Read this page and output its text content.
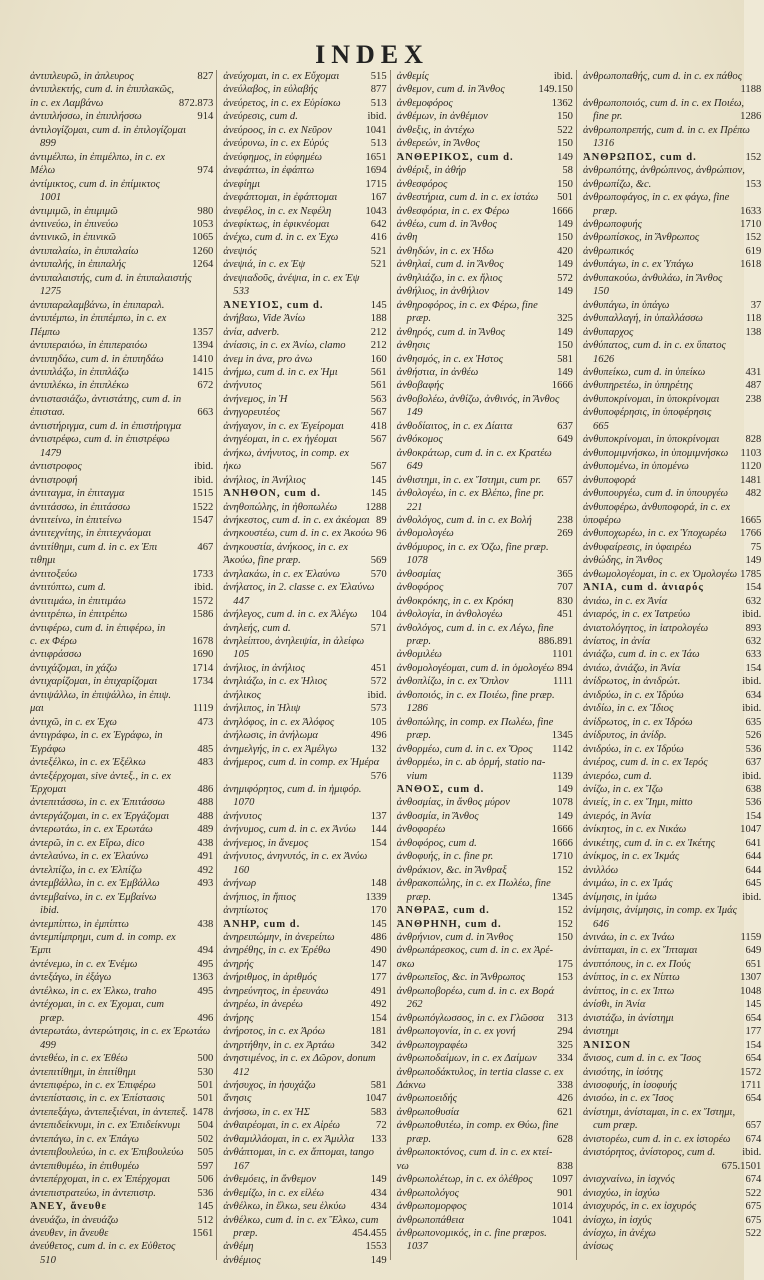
INDEX
ἀντιπλευρῶ, in ἀπλευρος	827
ἀντιπλεκτής, cum d. in ἐπιπλακῶς,
in c. ex Λαμβάνω	872.873
ἀντιπλήσσω, in ἐπιπλήσσω	914
ἀντιλογίζομαι, cum d. in ἐπιλογίζομαι
899
ἀντιμέλπω, in ἐπιμέλπω, in c. ex
Μέλω	974
ἀντίμικτος, cum d. in ἐπίμικτος
1001
ἀντιμιμῶ, in ἐπιμιμῶ	980
ἀντινεύω, in ἐπινεύω	1053
ἀντινικῶ, in ἐπινικῶ	1065
ἀντιπαλαίω, in ἐπιπαλαίω	1260
ἀντιπαλής, in ἐπιπαλής	1264
ἀντιπαλαιστής, cum d. in ἐπιπαλαιστής
1275
ἀντιπαραλαμβάνω, in ἐπιπαραλ.
ἀντιπέμπω, in ἐπιπέμπω, in c. ex
Πέμπω	1357
ἀντιπεραιόω, in ἐπιπεραιόω	1394
ἀντιπηδάω, cum d. in ἐπιπηδάω	1410
ἀντιπλάζω, in ἐπιπλάζω	1415
ἀντιπλέκω, in ἐπιπλέκω	672
ἀντιστασιάζω, ἀντιστάτης, cum d. in
ἐπιστασ.	663
ἀντιστήριγμα, cum d. in ἐπιστήριγμα
ἀντιστρέφω, cum d. in ἐπιστρέφω
1479
ἀντιστροφος	ibid.
ἀντιστροφή	ibid.
ἀντιταγμα, in ἐπιταγμα	1515
ἀντιτάσσω, in ἐπιτάσσω	1522
ἀντιτείνω, in ἐπιτείνω	1547
ἀντιτεχνίτης, in ἐπιτεχνάομαι
ἀντιτίθημι, cum d. in c. ex Ἐπι	467
τιθημι
ἀντιτοξεύω	1733
ἀντιτύπτω, cum d.	ibid.
ἀντιτιμάω, in ἐπιτιμάω	1572
ἀντιτρέπω, in ἐπιτρέπω	1586
ἀντιφέρω, cum d. in ἐπιφέρω, in
c. ex Φέρω	1678
ἀντιφράσσω	1690
ἀντιχάζομαι, in χάζω	1714
ἀντιχαρίζομαι, in ἐπιχαρίζομαι	1734
ἀντιψάλλω, in ἐπιψάλλω, in ἐπιψ.
μαι	1119
ἀντιχῶ, in c. ex Ἐχω	473
ἀντιγράφω, in c. ex Ἐγράφω, in
Ἐγράφω	485
ἀντεξέλκω, in c. ex Ἐξέλκω	483
ἀντεξέρχομαι, sive ἀντεξ., in c. ex
Ἐρχομαι	486
ἀντεπιτάσσω, in c. ex Ἐπιτάσσω	488
ἀντεργάζομαι, in c. ex Ἐργάζομαι	488
ἀντερωτάω, in c. ex Ἐρωτάω	489
ἀντερῶ, in c. ex Εἴρω, dico	438
ἀντελαύνω, in c. ex Ἐλαύνω	491
ἀντελπίζω, in c. ex Ἐλπίζω	492
ἀντεμβάλλω, in c. ex Ἐμβάλλω	493
ἀντεμβαίνω, in c. ex Ἐμβαίνω
ibid.
ἀντεμπίπτω, in ἐμπίπτω	438
ἀντεμπίμπρημι, cum d. in comp. ex
Ἐμπι	494
ἀντένεμω, in c. ex Ἐνέμω	495
ἀντεξάγω, in ἐξάγω	1363
ἀντέλκω, in c. ex Ἐλκω, traho	495
ἀντέχομαι, in c. ex Ἐχομαι, cum
præp.	496
ἀντερωτάω, ἀντερώτησις, in c. ex Ἐρωτάω
499
ἀντεθέω, in c. ex Ἐθέω	500
ἀντεπιτίθημι, in ἐπιτίθημι	530
ἀντεπιφέρω, in c. ex Ἐπιφέρω	501
ἀντεπίστασις, in c. ex Ἐπίστασις	501
ἀντεπεξάγω, ἀντεπεξιέναι, in ἀντεπεξ. 1478
ἀντεπιδείκνυμι, in c. ex Ἐπιδείκνυμι 504
ἀντεπάγω, in c. ex Ἐπάγω	502
ἀντεπιβουλεύω, in c. ex Ἐπιβουλεύω 505
ἀντεπιθυμέω, in ἐπιθυμέω	597
ἀντεπέρχομαι, in c. ex Ἐπέρχομαι	506
ἀντεπιστρατεύω, in ἀντεπιστρ.	536
ἈΝΕΥ, ἄνευθε	145
ἀνευάζω, in ἀνευάζω	512
ἀνευθεν, in ἄνευθε	1561
ἀνεύθετος, cum d. in c. ex Εὐθετος
510
ἀνεύχομαι, in c. ex Εὔχομαι	515
ἀνεύλαβος, in εὐλαβής	877
ἀνεύρετος, in c. ex Εὑρίσκω	513
ἀνεύρεσις, cum d.	ibid.
ἀνεύροος, in c. ex Νεῦρον	1041
ἀνεύρυνω, in c. ex Εὐρύς	513
ἀνεύφημος, in εὐφημέω	1651
ἀνεφάπτω, in ἐφάπτω	1694
ἀνεφίημι	1715
ἀνεφάπτομαι, in ἐφάπτομαι	167
ἀνεφέλος, in c. ex Νεφέλη	1043
ἀνεφίκτως, in ἐφικνέομαι	642
ἀνέχω, cum d. in c. ex Ἐχω	416
ἀνεψιός	521
ἀνεψιά, in c. ex Ἐψ	521
ἀνεψιαδοῦς, ἀνέψια, in c. ex Ἐψ
533
ἈΝΕΥΙΟΣ, cum d.	145
ἀνήβαω, Vide Ἀνίω	188
ἀνία, adverb.	212
ἀνίασις, in c. ex Ἀνίω, clamo 212
ἀνεμ in ἀνα, pro ἀνω	160
ἀνήμω, cum d. in c. ex Ἡμι	561
ἀνήνυτος	561
ἀνήνεμος, in Ἡ	563
ἀνηγορευτέος	567
ἀνήγαγον, in c. ex Ἐγείρομαι	418
ἀνηγέομαι, in c. ex ἡγέομαι	567
ἀνήκω, ἀνήνυτος, in comp. ex
ἡκω	567
ἀνήλιος, in Ἀνήλιος	145
ἈΝΗΘΟΝ, cum d.	145
ἀνηθοπώλης, in ἠθοπωλέω	1288
ἀνήκεστος, cum d. in c. ex ἀκέομαι 89
ἀνηκουστέω, cum d. in c. ex Ἀκούω 96
ἀνηκουστία, ἀνήκοος, in c. ex
Ἀκούω, fine præp.	569
ἀνηλακάω, in c. ex Ἐλαύνω	570
ἀνήλατος, in 2. classe c. ex Ἐλαύνω
447
ἀνήλεγος, cum d. in c. ex Ἀλέγω 104
ἀνηλεής, cum d.	571
ἀνηλείπτου, ἀνηλειψία, in ἀλείφω
105
ἀνήλιος, in ἀνήλιος	451
ἀνηλιάζω, in c. ex Ἡλιος	572
ἀνήλικος	ibid.
ἀνήλιπος, in Ἡλιψ	573
ἀνηλόφος, in c. ex Ἀλόφος	105
ἀνήλωσις, in ἀνήλωμα	496
ἀνημελγής, in c. ex Ἀμέλγω	132
ἀνήμερος, cum d. in comp. ex Ἡμέρα
576
ἀνημιφόρητος, cum d. in ἡμιφόρ.
1070
ἀνήνυτος	137
ἀνήνυμος, cum d. in c. ex Ἀνύω 144
ἀνήνεμος, in ἄνεμος	154
ἀνήνυτος, ἀνηνυτός, in c. ex Ἀνύω
160
ἀνήνωρ	148
ἀνήπιος, in ἤπιος	1339
ἀνηπίωτος	170
ἈΝΗΡ, cum d.	145
ἀνηρειπώμην, in ἀνερείπω	486
ἀνηρέθης, in c. ex Ἐρέθω	490
ἀνηρής	147
ἀνήριθμος, in ἀριθμός	177
ἀνηρεύνητος, in ἐρευνάω	491
ἀνηρέω, in ἀνερέω	492
ἀνήρης	154
ἀνήροτος, in c. ex Ἀρόω	181
ἀνηρτήθην, in c. ex Ἀρτάω	342
ἀνηστιμένος, in c. ex Δῶρον, donum
412
ἀνήσυχος, in ἡσυχάζω	581
ἄνησις	1047
ἀνήσσω, in c. ex ἩΣ	583
ἀνθαιρέομαι, in c. ex Αἱρέω	72
ἀνθαμιλλάομαι, in c. ex Ἁμιλλα 133
ἀνθάπτομαι, in c. ex ἅπτομαι, tango
167
ἀνθεμόεις, in ἄνθεμον	149
ἀνθεμίζω, in c. ex εἰλέω	434
ἀνθέλκω, in ἕλκω, seu ἑλκύω 434
ἀνθέλκω, cum d. in c. ex Ἕλκω, cum
præp.	454.455
ἀνθέμη	1553
ἀνθέμιος	149
ἀνθεμίς	ibid.
ἀνθεμον, cum d. in Ἄνθος	149.150
ἀνθεμοφόρος	1362
ἀνθέμων, in ἀνθέμιον	150
ἀνθεξις, in ἀντέχω	522
ἀνθερεών, in Ἄνθος	150
ἈΝΘΕΡΙΚΟΣ, cum d.	149
ἀνθέριξ, in ἀθήρ	58
ἀνθεσφόρος	150
ἀνθεστήρια, cum d. in c. ex ἱστάω 501
ἀνθεσφόρια, in c. ex Φέρω	1666
ἀνθέω, cum d. in Ἄνθος	149
ἀνθη	150
ἀνθηδών, in c. ex Ἡδω	420
ἀνθηλαί, cum d. in Ἄνθος	149
ἀνθηλιάζω, in c. ex ἥλιος	572
ἀνθήλιος, in ἀνθήλιον	149
ἀνθηροφόρος, in c. ex Φέρω, fine
præp.	325
ἀνθηρός, cum d. in Ἄνθος	149
ἀνθησις	150
ἀνθησμός, in c. ex Ἡστος	581
ἀνθήστια, in ἀνθέω	149
ἀνθοβαφής	1666
ἀνθοβολέω, ἀνθίζω, ἀνθινός, in Ἄνθος
149
ἀνθοδίαιτος, in c. ex Δίαιτα	637
ἀνθόκομος	649
ἀνθοκράτωρ, cum d. in c. ex Κρατέω
649
ἀνθιστημι, in c. ex Ἵστημι, cum pr. 657
ἀνθολογέω, in c. ex Βλέπω, fine pr.
221
ἀνθολόγος, cum d. in c. ex Βολή 238
ἀνθομολογέω	269
ἀνθόμυρος, in c. ex Ὀζω, fine præp.
1078
ἀνθοσμίας	365
ἀνθοφόρος	707
ἀνθοκρόκης, in c. ex Κρόκη	830
ἀνθολογία, in ἀνθολογέω	451
ἀνθολόγος, cum d. in c. ex Λέγω, fine
præp.	886.891
ἀνθομιλέω	1101
ἀνθομολογέομαι, cum d. in ὁμολογέω 894
ἀνθοπλίζω, in c. ex Ὅπλον	1111
ἀνθοποιός, in c. ex Ποιέω, fine præp.
1286
ἀνθοπώλης, in comp. ex Πωλέω, fine
præp.	1345
ἀνθορμέω, cum d. in c. ex Ὄρος 1142
ἀνθορμέω, in c. ab ὁρμή, statio na-
vium	1139
ἈΝΘΟΣ, cum d.	149
ἀνθοσμίας, in ἄνθος μύρον	1078
ἀνθοσμία, in Ἄνθος	149
ἀνθοφορέω	1666
ἀνθοφόρος, cum d.	1666
ἀνθοφυής, in c. fine pr.	1710
ἀνθράκιον, &c. in Ἄνθραξ	152
ἀνθρακοπώλης, in c. ex Πωλέω, fine
præp.	1345
ἈΝΘΡΑΞ, cum d.	152
ἈΝΘΡΗΝΗ, cum d.	152
ἀνθρήνιον, cum d. in Ἄνθος	150
ἀνθρωπάρεσκος, cum d. in c. ex Ἀρέ-
σκω	175
ἀνθρωπεῖος, &c. in Ἄνθρωπος	153
ἀνθρωποβορέω, cum d. in c. ex Βορά
262
ἀνθρωπόγλωσσος, in c. ex Γλῶσσα 313
ἀνθρωπογονία, in c. ex γονή	294
ἀνθρωπογραφέω	325
ἀνθρωποδαίμων, in c. ex Δαίμων 334
ἀνθρωποδάκτυλος, in tertia classe c. ex
Δάκνω	338
ἀνθρωποειδής	426
ἀνθρωποθυσία	621
ἀνθρωποθυτέω, in comp. ex Θύω, fine
præp.	628
ἀνθρωποκτόνος, cum d. in c. ex κτεί-
νω	838
ἀνθρωπολέτωρ, in c. ex ὀλέθρος 1097
ἀνθρωπολόγος	901
ἀνθρωπομορφος	1014
ἀνθρωποπάθεια	1041
ἀνθρωπονομικός, in c. fine præpos.
1037
ἀνθρωποπαθής, cum d. in c. ex πάθος
1188
ἀνθρωποποιός, cum d. in c. ex Ποιέω,
fine pr.	1286
ἀνθρωποπρεπής, cum d. in c. ex Πρέπω
1316
ἈΝΘΡΩΠΟΣ, cum d.	152
ἀνθρωπότης, ἀνθρώπινος, ἀνθρώπιον,
ἀνθρωπίζω, &c.	153
ἀνθρωποφάγος, in c. ex φάγω, fine
præp.	1633
ἀνθρωποφυής	1710
ἀνθρωπίσκος, in Ἄνθρωπος	152
ἀνθρωπικός	619
ἀνθυπάγω, in c. ex Ὑπάγω	1618
ἀνθυπακούω, ἀνθυλάω, in Ἄνθος
150
ἀνθυπάγω, in ὑπάγω	37
ἀνθυπαλλαγή, in ὑπαλλάσσω	118
ἀνθυπαρχος	138
ἀνθύπατος, cum d. in c. ex ὕπατος
1626
ἀνθυπείκω, cum d. in ὑπείκω	431
ἀνθυπηρετέω, in ὑπηρέτης	487
ἀνθυποκρίνομαι, in ὑποκρίνομαι 238
ἀνθυποφέρησις, in ὑποφέρησις
665
ἀνθυποκρίνομαι, in ὑποκρίνομαι 828
ἀνθυπομιμνήσκω, in ὑπομιμνήσκω 1103
ἀνθυπομένω, in ὑπομένω	1120
ἀνθυποφορά	1481
ἀνθυπουργέω, cum d. in ὑπουργέω 482
ἀνθυποφέρω, ἀνθυποφορά, in c. ex
ὑποφέρω	1665
ἀνθυποχωρέω, in c. ex Ὑποχωρέω 1766
ἀνθυφαίρεσις, in ὑφαιρέω	75
ἀνθώδης, in Ἄνθος	149
ἀνθωμολογέομαι, in c. ex Ὁμολογέω 1785
ἈΝΙΑ, cum d. ἀνιαρός	154
ἀνιάω, in c. ex Ἀνία	632
ἀνιαρός, in c. ex Ἰατρεύω	ibid.
ἀνιατολόγητος, in ἰατρολογέω	893
ἀνίατος, in ἀνία	632
ἀνιάζω, cum d. in c. ex Ἰάω	633
ἀνιάω, ἀνιάζω, in Ἀνία	154
ἀνίδρωτος, in ἀνιδρώτ.	ibid.
ἀνιδρύω, in c. ex Ἱδρύω	634
ἀνιδίω, in c. ex Ἴδιος	ibid.
ἀνίδρωτος, in c. ex Ἱδρόω	635
ἀνίδρυτος, in ἀνίδρ.	526
ἀνιδρύω, in c. ex Ἱδρύω	536
ἀνιέρος, cum d. in c. ex Ἱερός	637
ἀνιερόω, cum d.	ibid.
ἀνίζω, in c. ex Ἵζω	638
ἀνιείς, in c. ex Ἵημι, mitto	536
ἀνιερός, in Ἀνία	154
ἀνίκητος, in c. ex Νικάω	1047
ἀνικέτης, cum d. in c. ex Ἱκέτης	641
ἀνίκμος, in c. ex Ἰκμάς	644
ἀνιλλόω	644
ἀνιμάω, in c. ex Ἱμάς	645
ἀνίμησις, in ἱμάω	ibid.
ἀνίμησις, ἀνίμησις, in comp. ex Ἱμάς
646
ἀνινάω, in c. ex Ἰνάω	1159
ἀνίπταμαι, in c. ex Ἵπταμαι	649
ἀνιπτόπους, in c. ex Πούς	651
ἀνίπτος, in c. ex Νίπτω	1307
ἀνίπτος, in c. ex Ἰπτω	1048
ἀνίσθι, in Ἀνία	145
ἀνιστάζω, in ἀνίστημι	654
ἀνιστημι	177
ἈΝΙΣΟΝ	154
ἄνισος, cum d. in c. ex Ἴσος	654
ἀνισότης, in ἰσότης	1572
ἀνισοφυής, in ἰσοφυής	1711
ἀνισόω, in c. ex Ἴσος	654
ἀνίστημι, ἀνίσταμαι, in c. ex Ἵστημι,
cum præp.	657
ἀνιστορέω, cum d. in c. ex ἱστορέω 674
ἀνιστόρητος, ἀνίστορος, cum d.	ibid.
675.1501
ἀνισχναίνω, in ἰσχνός	674
ἀνισχύω, in ἰσχύω	522
ἀνισχυρός, in c. ex ἰσχυρός	675
ἀνίσχω, in ἰσχύς	675
ἀνίσχω, in ἀνέχω	522
ἀνίσως
